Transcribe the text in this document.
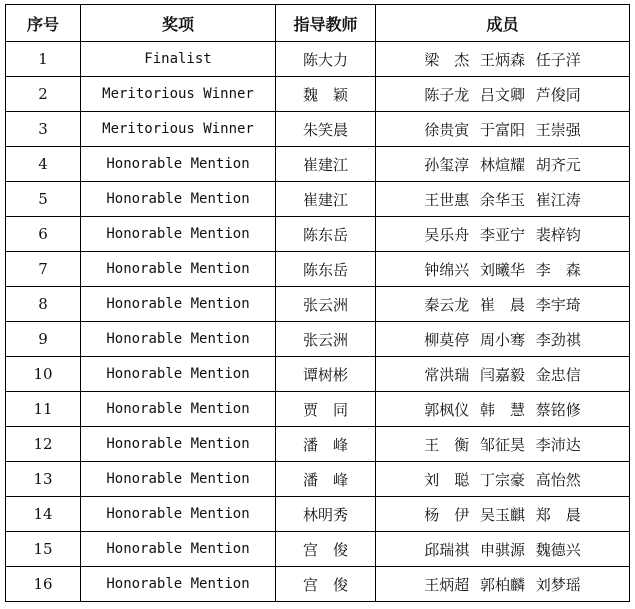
序号	奖项	指导教师	成员
1	Finalist	陈大力	梁　杰 王炳森 任子洋
2	Meritorious Winner	魏　颖	陈子龙 吕文卿 芦俊同
3	Meritorious Winner	朱笑晨	徐贵寅 于富阳 王崇强
4	Honorable Mention	崔建江	孙玺淳 林煊耀 胡齐元
5	Honorable Mention	崔建江	王世惠 余华玉 崔江涛
6	Honorable Mention	陈东岳	吴乐舟 李亚宁 裴梓钧
7	Honorable Mention	陈东岳	钟绵兴 刘曦华 李　森
8	Honorable Mention	张云洲	秦云龙 崔　晨 李宇琦
9	Honorable Mention	张云洲	柳莫停 周小骞 李劲祺
10	Honorable Mention	谭树彬	常洪瑞 闫嘉毅 金忠信
11	Honorable Mention	贾　同	郭枫仪 韩　慧 蔡铭修
12	Honorable Mention	潘　峰	王　衡 邹征昊 李沛达
13	Honorable Mention	潘　峰	刘　聪 丁宗豪 高怡然
14	Honorable Mention	林明秀	杨　伊 吴玉麒 郑　晨
15	Honorable Mention	宫　俊	邱瑞祺 申骐源 魏德兴
16	Honorable Mention	宫　俊	王炳超 郭柏麟 刘梦瑶
